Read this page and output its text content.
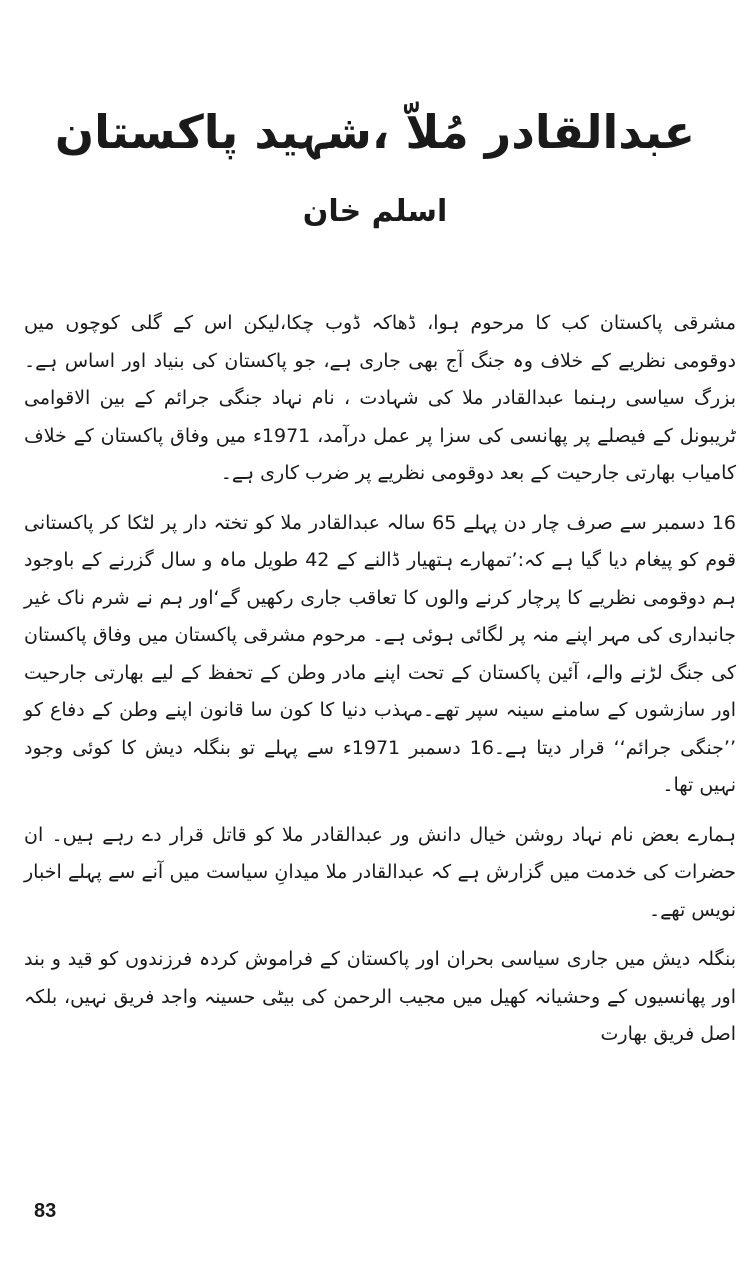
عبدالقادر مُلاّ ،شہید پاکستان
اسلم خان

مشرقی پاکستان کب کا مرحوم ہوا، ڈھاکہ ڈوب چکا،لیکن اس کے گلی کوچوں میں دوقومی نظریے کے خلاف وہ جنگ آج بھی جاری ہے، جو پاکستان کی بنیاد اور اساس ہے۔ بزرگ سیاسی رہنما عبدالقادر ملا کی شہادت ، نام نہاد جنگی جرائم کے بین الاقوامی ٹریبونل کے فیصلے پر پھانسی کی سزا پر عمل درآمد، 1971ء میں وفاق پاکستان کے خلاف کامیاب بھارتی جارحیت کے بعد دوقومی نظریے پر ضرب کاری ہے۔

16 دسمبر سے صرف چار دن پہلے 65 سالہ عبدالقادر ملا کو تختہ دار پر لٹکا کر پاکستانی قوم کو پیغام دیا گیا ہے کہ:’تمھارے ہتھیار ڈالنے کے 42 طویل ماہ و سال گزرنے کے باوجود ہم دوقومی نظریے کا پرچار کرنے والوں کا تعاقب جاری رکھیں گے‘اور ہم نے شرم ناک غیر جانبداری کی مہر اپنے منہ پر لگائی ہوئی ہے۔ مرحوم مشرقی پاکستان میں وفاق پاکستان کی جنگ لڑنے والے، آئین پاکستان کے تحت اپنے مادر وطن کے تحفظ کے لیے بھارتی جارحیت اور سازشوں کے سامنے سینہ سپر تھے۔مہذب دنیا کا کون سا قانون اپنے وطن کے دفاع کو ’’جنگی جرائم‘‘ قرار دیتا ہے۔16 دسمبر 1971ء سے پہلے تو بنگلہ دیش کا کوئی وجود نہیں تھا۔

ہمارے بعض نام نہاد روشن خیال دانش ور عبدالقادر ملا کو قاتل قرار دے رہے ہیں۔ ان حضرات کی خدمت میں گزارش ہے کہ عبدالقادر ملا میدانِ سیاست میں آنے سے پہلے اخبار نویس تھے۔

بنگلہ دیش میں جاری سیاسی بحران اور پاکستان کے فراموش کردہ فرزندوں کو قید و بند اور پھانسیوں کے وحشیانہ کھیل میں مجیب الرحمن کی بیٹی حسینہ واجد فریق نہیں، بلکہ اصل فریق بھارت

83
